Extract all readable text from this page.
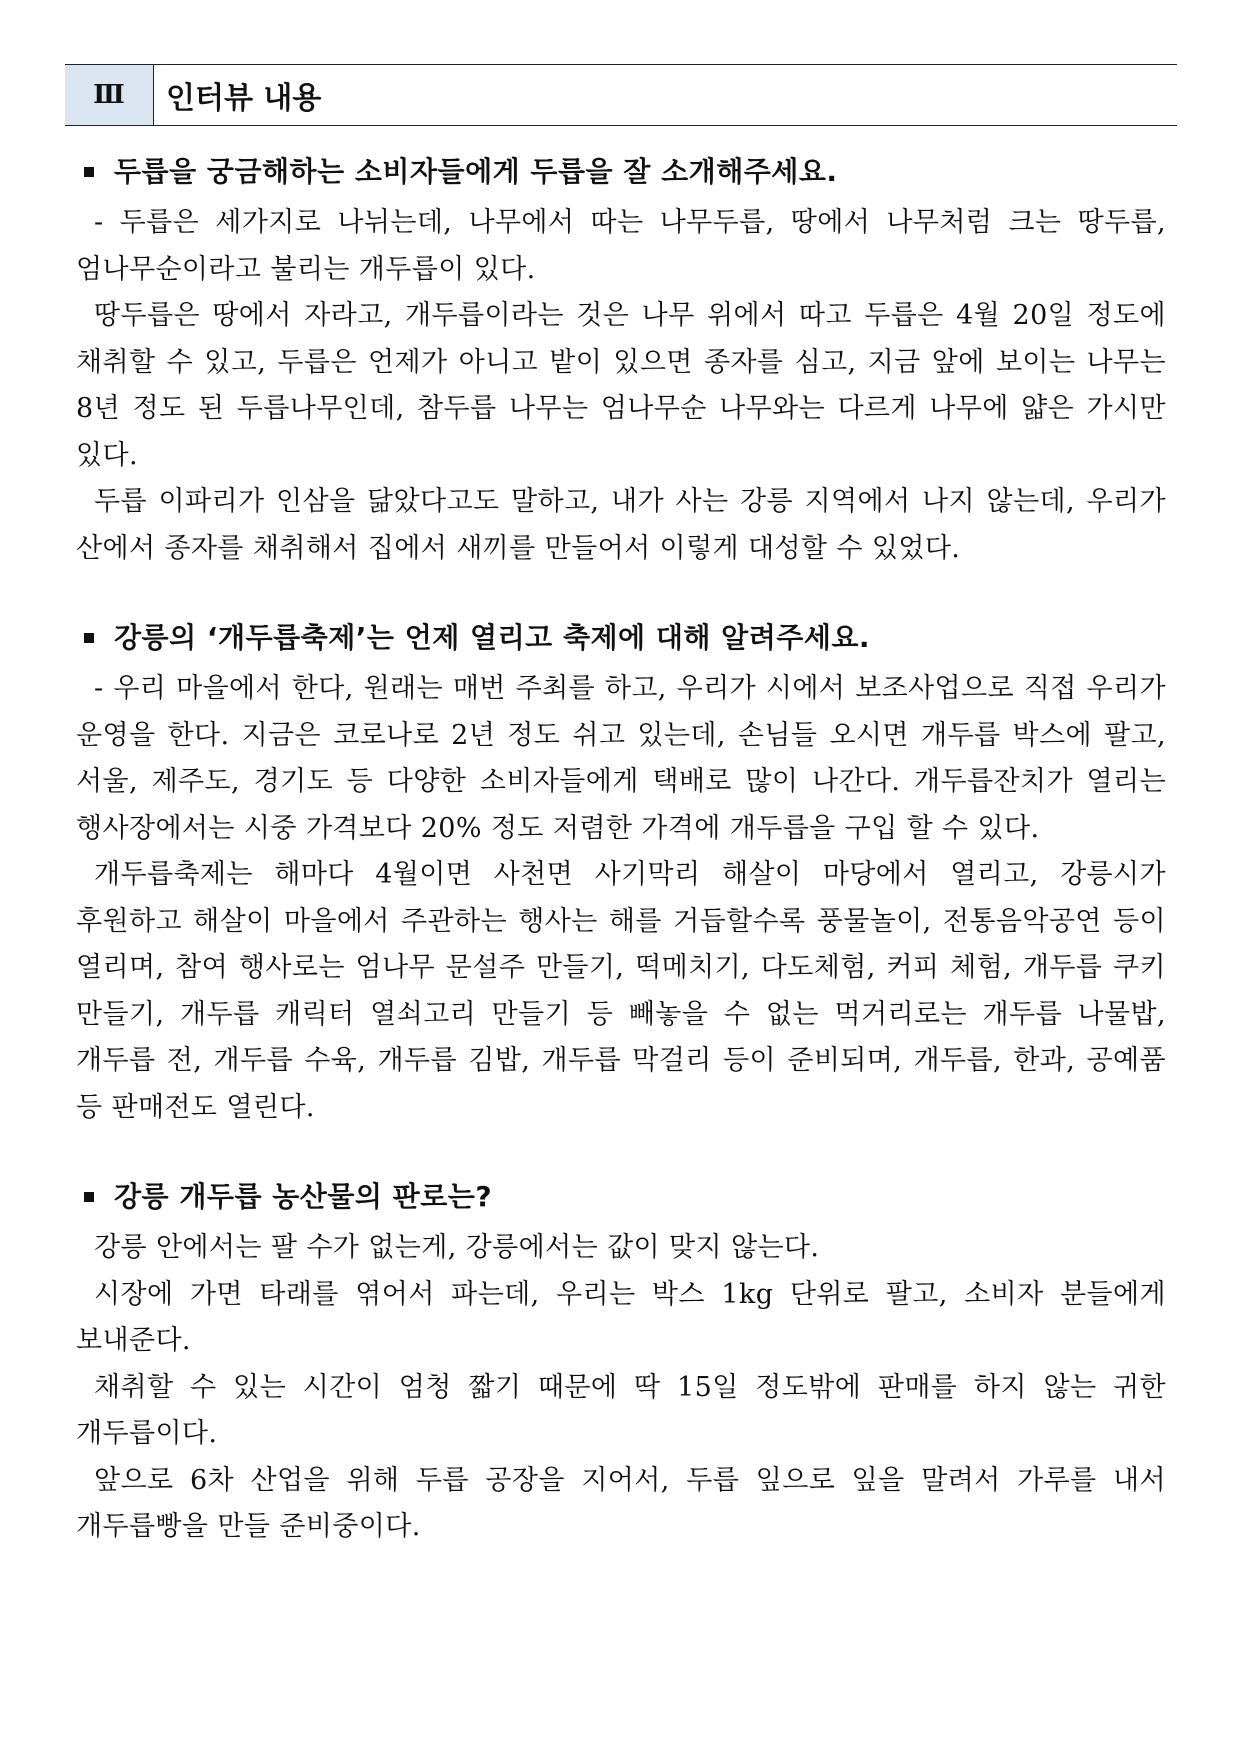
Ⅲ	인터뷰 내용
두릅을 궁금해하는 소비자들에게 두릅을 잘 소개해주세요.

- 두릅은 세가지로 나뉘는데, 나무에서 따는 나무두릅, 땅에서 나무처럼 크는 땅두릅, 엄나무순이라고 불리는 개두릅이 있다.

땅두릅은 땅에서 자라고, 개두릅이라는 것은 나무 위에서 따고 두릅은 4월 20일 정도에 채취할 수 있고, 두릅은 언제가 아니고 밭이 있으면 종자를 심고, 지금 앞에 보이는 나무는 8년 정도 된 두릅나무인데, 참두릅 나무는 엄나무순 나무와는 다르게 나무에 얇은 가시만 있다.

두릅 이파리가 인삼을 닮았다고도 말하고, 내가 사는 강릉 지역에서 나지 않는데, 우리가 산에서 종자를 채취해서 집에서 새끼를 만들어서 이렇게 대성할 수 있었다.

강릉의 ‘개두릅축제’는 언제 열리고 축제에 대해 알려주세요.

- 우리 마을에서 한다, 원래는 매번 주최를 하고, 우리가 시에서 보조사업으로 직접 우리가 운영을 한다. 지금은 코로나로 2년 정도 쉬고 있는데, 손님들 오시면 개두릅 박스에 팔고, 서울, 제주도, 경기도 등 다양한 소비자들에게 택배로 많이 나간다. 개두릅잔치가 열리는 행사장에서는 시중 가격보다 20% 정도 저렴한 가격에 개두릅을 구입 할 수 있다.

개두릅축제는 해마다 4월이면 사천면 사기막리 해살이 마당에서 열리고, 강릉시가 후원하고 해살이 마을에서 주관하는 행사는 해를 거듭할수록 풍물놀이, 전통음악공연 등이 열리며, 참여 행사로는 엄나무 문설주 만들기, 떡메치기, 다도체험, 커피 체험, 개두릅 쿠키 만들기, 개두릅 캐릭터 열쇠고리 만들기 등 빼놓을 수 없는 먹거리로는 개두릅 나물밥, 개두릅 전, 개두릅 수육, 개두릅 김밥, 개두릅 막걸리 등이 준비되며, 개두릅, 한과, 공예품 등 판매전도 열린다.

강릉 개두릅 농산물의 판로는?

강릉 안에서는 팔 수가 없는게, 강릉에서는 값이 맞지 않는다.

시장에 가면 타래를 엮어서 파는데, 우리는 박스 1kg 단위로 팔고, 소비자 분들에게 보내준다.

채취할 수 있는 시간이 엄청 짧기 때문에 딱 15일 정도밖에 판매를 하지 않는 귀한 개두릅이다.

앞으로 6차 산업을 위해 두릅 공장을 지어서, 두릅 잎으로 잎을 말려서 가루를 내서 개두릅빵을 만들 준비중이다.
